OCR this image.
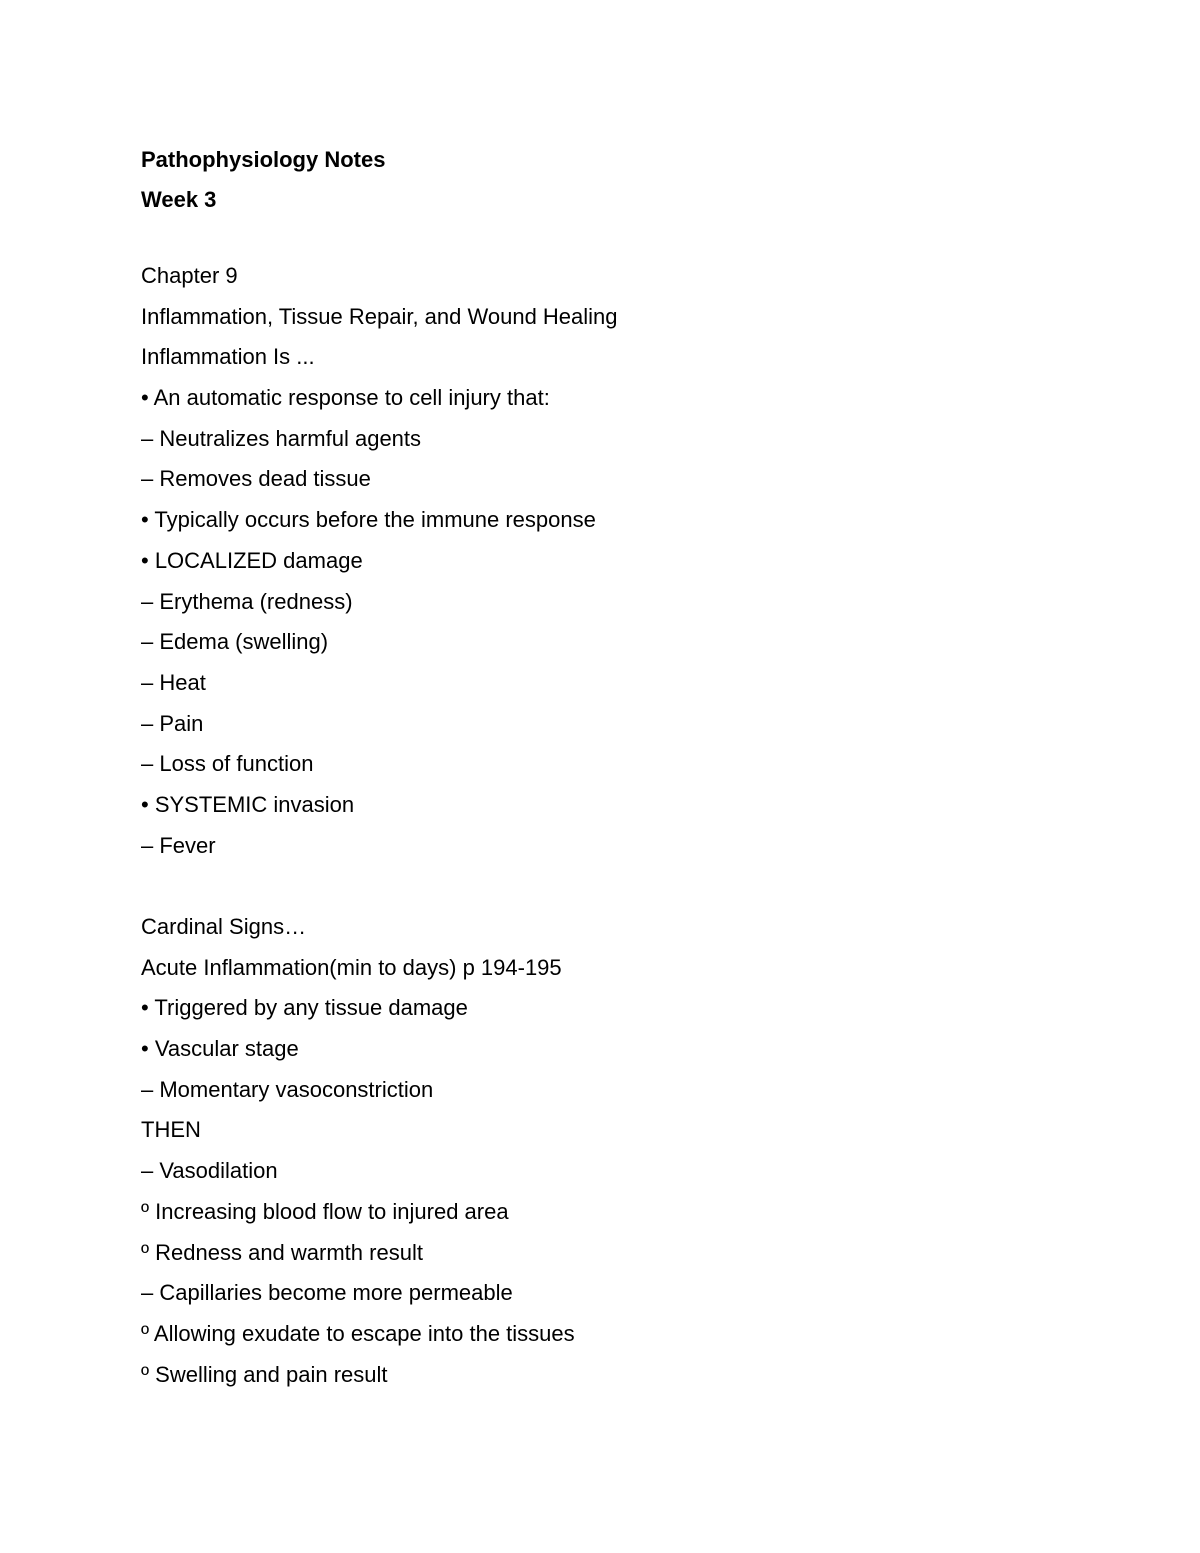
Pathophysiology Notes
Week 3
Chapter 9
Inflammation, Tissue Repair, and Wound Healing
Inflammation Is ...
• An automatic response to cell injury that:
– Neutralizes harmful agents
– Removes dead tissue
• Typically occurs before the immune response
• LOCALIZED damage
– Erythema (redness)
– Edema (swelling)
– Heat
– Pain
– Loss of function
• SYSTEMIC invasion
– Fever
Cardinal Signs…
Acute Inflammation(min to days) p 194-195
• Triggered by any tissue damage
• Vascular stage
– Momentary vasoconstriction
THEN
– Vasodilation
º Increasing blood flow to injured area
º Redness and warmth result
– Capillaries become more permeable
º Allowing exudate to escape into the tissues
º Swelling and pain result
